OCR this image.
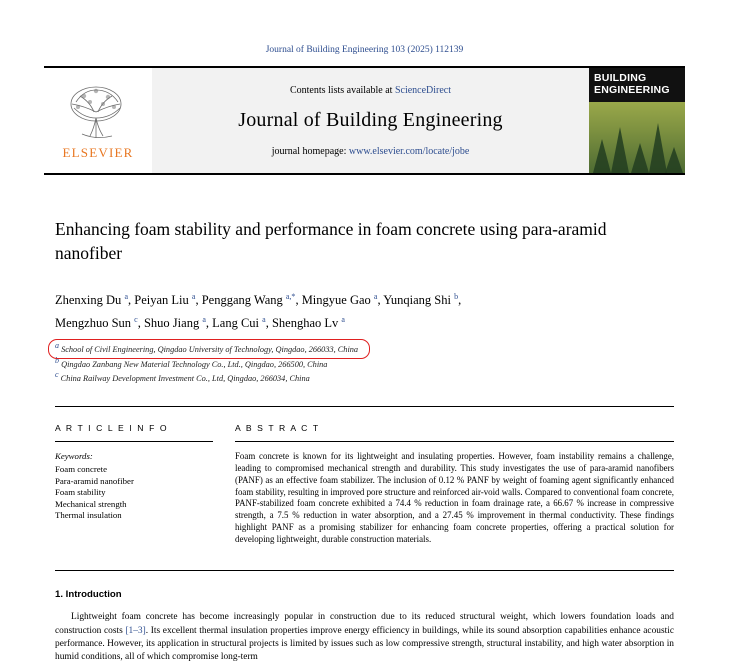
Journal of Building Engineering 103 (2025) 112139
ELSEVIER
Contents lists available at ScienceDirect
Journal of Building Engineering
journal homepage: www.elsevier.com/locate/jobe
BUILDING
ENGINEERING
Enhancing foam stability and performance in foam concrete using para-aramid nanofiber
Zhenxing Du $^a$, Peiyan Liu $^a$, Penggang Wang $^{a,*}$, Mingyue Gao $^a$, Yunqiang Shi $^b$,
Mengzhuo Sun $^c$, Shuo Jiang $^a$, Lang Cui $^a$, Shenghao Lv $^a$
$^a$ School of Civil Engineering, Qingdao University of Technology, Qingdao, 266033, China
$^b$ Qingdao Zanbang New Material Technology Co., Ltd., Qingdao, 266500, China
$^c$ China Railway Development Investment Co., Ltd, Qingdao, 266034, China
A R T I C L E I N F O
Keywords:
Foam concrete
Para-aramid nanofiber
Foam stability
Mechanical strength
Thermal insulation
A B S T R A C T
Foam concrete is known for its lightweight and insulating properties. However, foam instability remains a challenge, leading to compromised mechanical strength and durability. This study investigates the use of para-aramid nanofibers (PANF) as an effective foam stabilizer. The inclusion of 0.12 % PANF by weight of foaming agent significantly enhanced foam stability, resulting in improved pore structure and reinforced air-void walls. Compared to conventional foam concrete, PANF-stabilized foam concrete exhibited a 74.4 % reduction in foam drainage rate, a 66.67 % increase in compressive strength, a 7.5 % reduction in water absorption, and a 27.45 % improvement in thermal conductivity. These findings highlight PANF as a promising stabilizer for enhancing foam concrete properties, offering a practical solution for developing lightweight, durable construction materials.
1. Introduction
Lightweight foam concrete has become increasingly popular in construction due to its reduced structural weight, which lowers foundation loads and construction costs [1–3]. Its excellent thermal insulation properties improve energy efficiency in buildings, while its sound absorption capabilities enhance acoustic performance. However, its application in structural projects is limited by issues such as low compressive strength, structural instability, and high water absorption in humid conditions, all of which compromise long-term
